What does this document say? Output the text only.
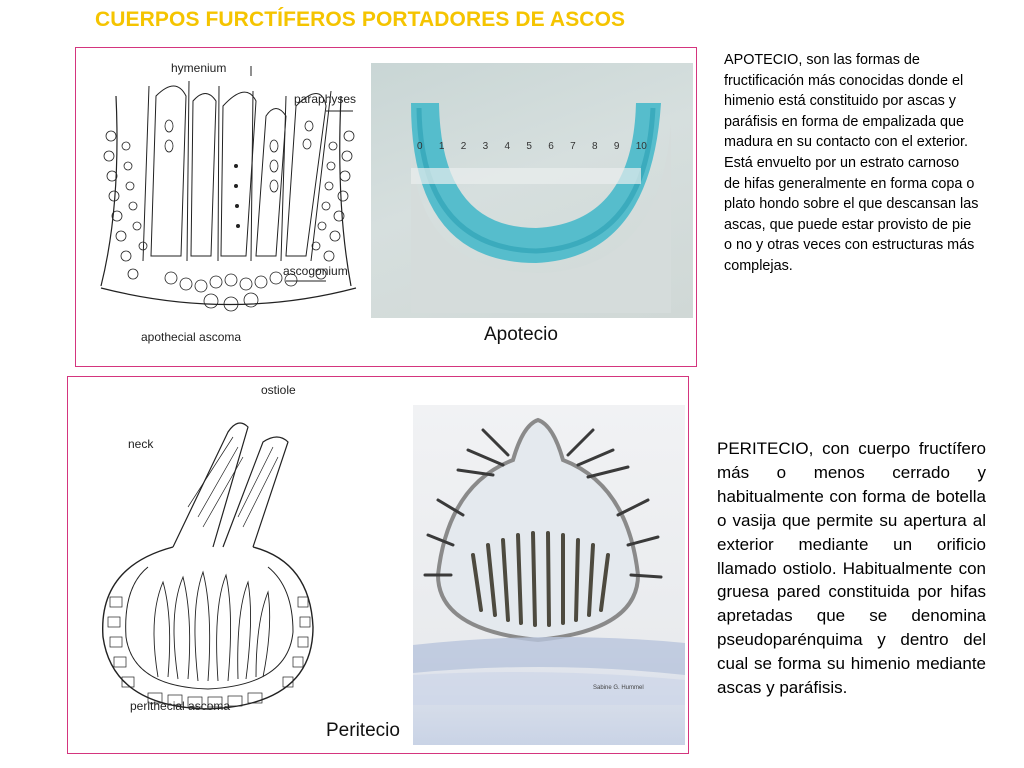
CUERPOS FURCTÍFEROS PORTADORES DE ASCOS
hymenium
paraphyses
ascogonium
apothecial ascoma
0 1 2 3 4 5 6 7 8 9 10
Apotecio
APOTECIO, son las formas de fructificación más conocidas donde el himenio está constituido por ascas y paráfisis en forma de empalizada que madura en su contacto con el exterior. Está envuelto por un estrato carnoso de hifas generalmente en forma copa o plato hondo sobre el que descansan las ascas, que puede estar provisto de pie o no y otras veces con estructuras más complejas.
ostiole
neck
perithecial ascoma
Sabine G. Hummel
Peritecio
PERITECIO, con cuerpo fructífero más o menos cerrado y habitualmente con forma de botella o vasija que permite su apertura al exterior mediante un orificio llamado ostiolo. Habitualmente con gruesa pared constituida por hifas apretadas que se denomina pseudoparénquima y dentro del cual se forma su himenio mediante ascas y paráfisis.
